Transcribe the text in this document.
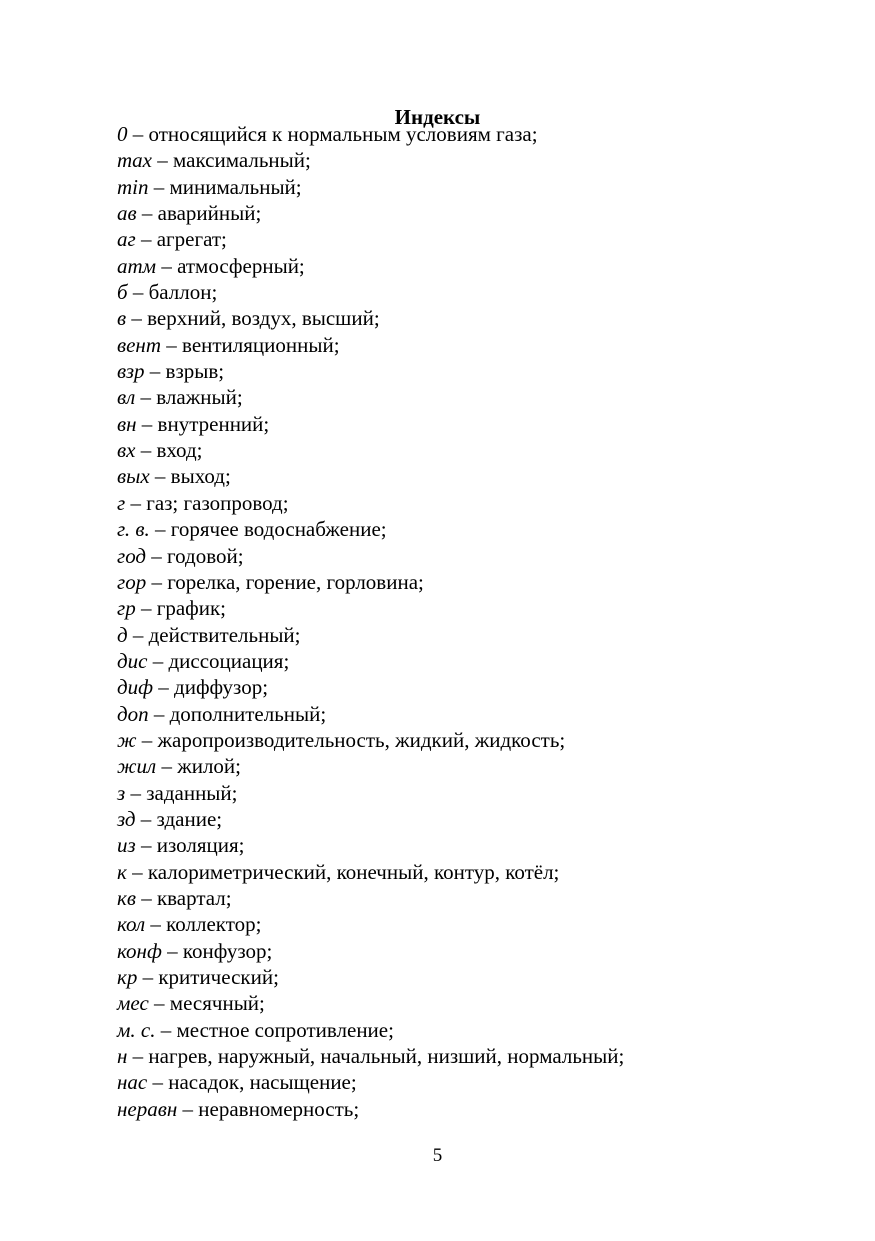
Индексы
0 – относящийся к нормальным условиям газа;
max – максимальный;
min – минимальный;
ав – аварийный;
аг – агрегат;
атм – атмосферный;
б – баллон;
в – верхний, воздух, высший;
вент – вентиляционный;
взр – взрыв;
вл – влажный;
вн – внутренний;
вх – вход;
вых – выход;
г – газ; газопровод;
г. в. – горячее водоснабжение;
год – годовой;
гор – горелка, горение, горловина;
гр – график;
д – действительный;
дис – диссоциация;
диф – диффузор;
доп – дополнительный;
ж – жаропроизводительность, жидкий, жидкость;
жил – жилой;
з – заданный;
зд – здание;
из – изоляция;
к – калориметрический, конечный, контур, котёл;
кв – квартал;
кол – коллектор;
конф – конфузор;
кр – критический;
мес – месячный;
м. с. – местное сопротивление;
н – нагрев, наружный, начальный, низший, нормальный;
нас – насадок, насыщение;
неравн – неравномерность;
5
